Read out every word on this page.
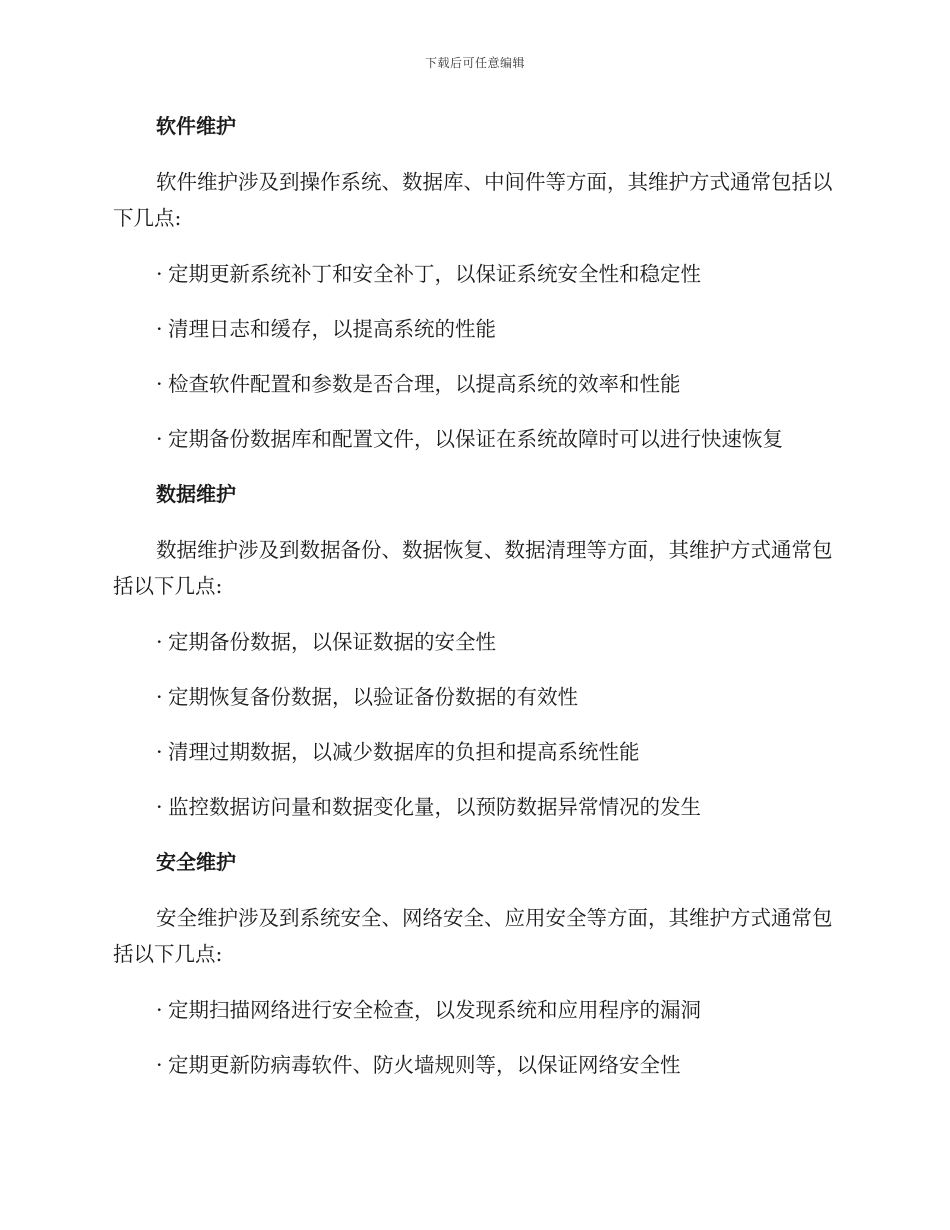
下载后可任意编辑

软件维护

软件维护涉及到操作系统、数据库、中间件等方面，其维护方式通常包括以下几点:

· 定期更新系统补丁和安全补丁，以保证系统安全性和稳定性

· 清理日志和缓存，以提高系统的性能

· 检查软件配置和参数是否合理，以提高系统的效率和性能

· 定期备份数据库和配置文件，以保证在系统故障时可以进行快速恢复

数据维护

数据维护涉及到数据备份、数据恢复、数据清理等方面，其维护方式通常包括以下几点:

· 定期备份数据，以保证数据的安全性

· 定期恢复备份数据，以验证备份数据的有效性

· 清理过期数据，以减少数据库的负担和提高系统性能

· 监控数据访问量和数据变化量，以预防数据异常情况的发生

安全维护

安全维护涉及到系统安全、网络安全、应用安全等方面，其维护方式通常包括以下几点:

· 定期扫描网络进行安全检查，以发现系统和应用程序的漏洞

· 定期更新防病毒软件、防火墙规则等，以保证网络安全性
